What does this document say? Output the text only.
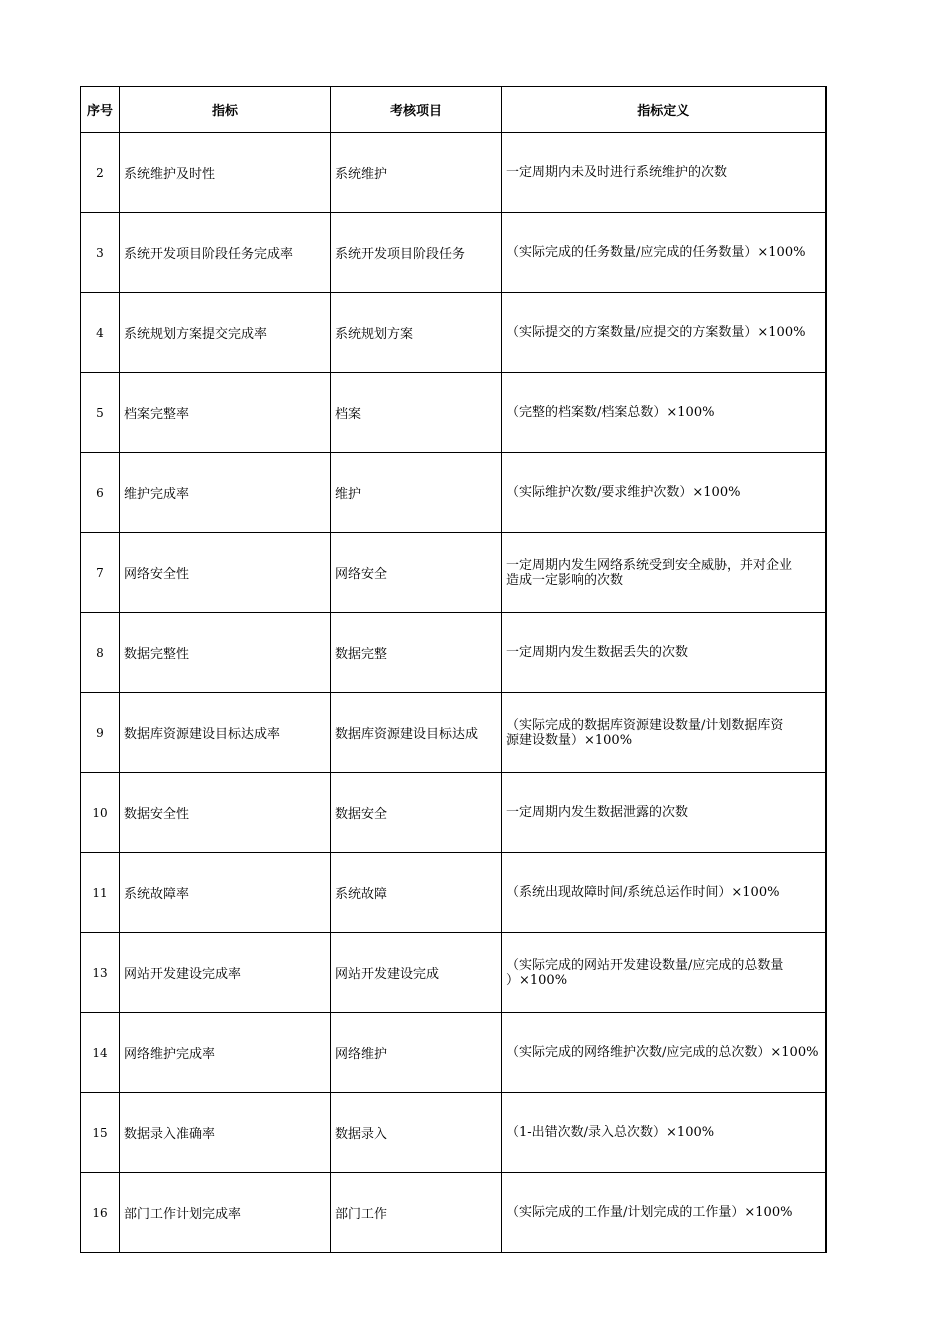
序号	指标	考核项目	指标定义
2	系统维护及时性	系统维护	一定周期内未及时进行系统维护的次数

3	系统开发项目阶段任务完成率	系统开发项目阶段任务	（实际完成的任务数量/应完成的任务数量）×100%

4	系统规划方案提交完成率	系统规划方案	（实际提交的方案数量/应提交的方案数量）×100%

5	档案完整率	档案	（完整的档案数/档案总数）×100%

6	维护完成率	维护	（实际维护次数/要求维护次数）×100%

7	网络安全性	网络安全	一定周期内发生网络系统受到安全威胁，并对企业
造成一定影响的次数

8	数据完整性	数据完整	一定周期内发生数据丢失的次数

9	数据库资源建设目标达成率	数据库资源建设目标达成	（实际完成的数据库资源建设数量/计划数据库资
源建设数量）×100%

10	数据安全性	数据安全	一定周期内发生数据泄露的次数

11	系统故障率	系统故障	（系统出现故障时间/系统总运作时间）×100%

13	网站开发建设完成率	网站开发建设完成	（实际完成的网站开发建设数量/应完成的总数量
）×100%

14	网络维护完成率	网络维护	（实际完成的网络维护次数/应完成的总次数）×100%

15	数据录入准确率	数据录入	（1-出错次数/录入总次数）×100%

16	部门工作计划完成率	部门工作	（实际完成的工作量/计划完成的工作量）×100%
